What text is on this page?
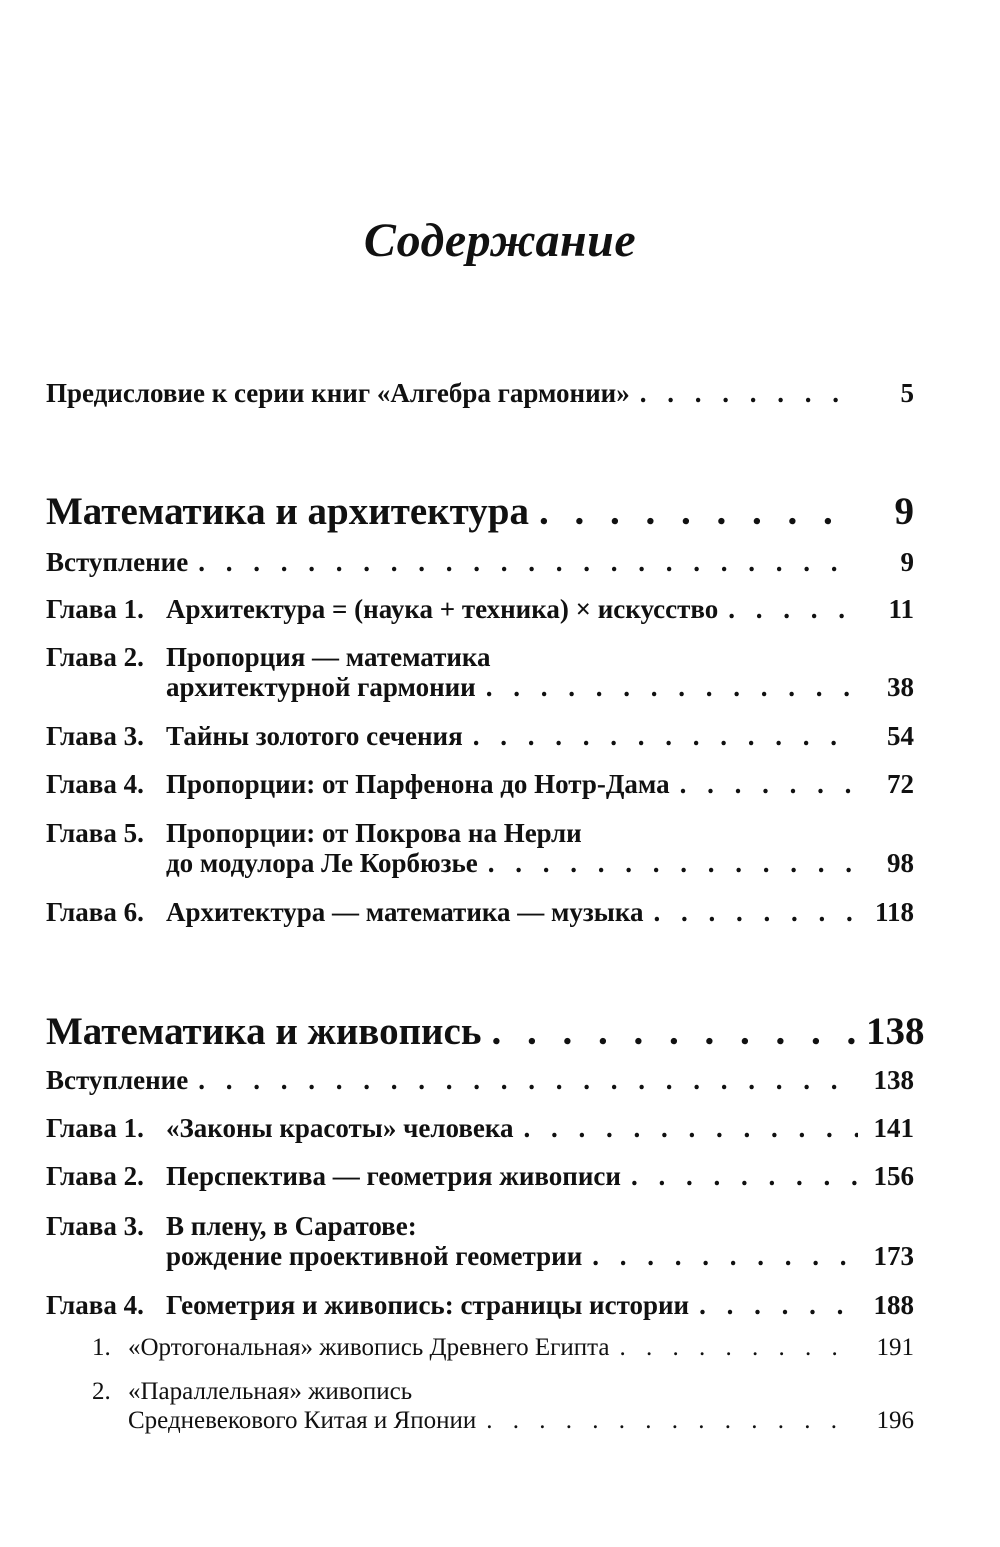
Содержание
Предисловие к серии книг «Алгебра гармонии» . . .	5
Математика и архитектура . . .	9
Вступление . . .	9
Глава 1. Архитектура = (наука + техника) × искусство . . .	11
Глава 2. Пропорция — математика
архитектурной гармонии . . .	38
Глава 3. Тайны золотого сечения . . .	54
Глава 4. Пропорции: от Парфенона до Нотр-Дама . . .	72
Глава 5. Пропорции: от Покрова на Нерли
до модулора Ле Корбюзье . . .	98
Глава 6. Архитектура — математика — музыка . . .	118
Математика и живопись . . .	138
Вступление . . .	138
Глава 1. «Законы красоты» человека . . .	141
Глава 2. Перспектива — геометрия живописи . . .	156
Глава 3. В плену, в Саратове:
рождение проективной геометрии . . .	173
Глава 4. Геометрия и живопись: страницы истории . . .	188
1. «Ортогональная» живопись Древнего Египта . . .	191
2. «Параллельная» живопись
Средневекового Китая и Японии . . .	196
